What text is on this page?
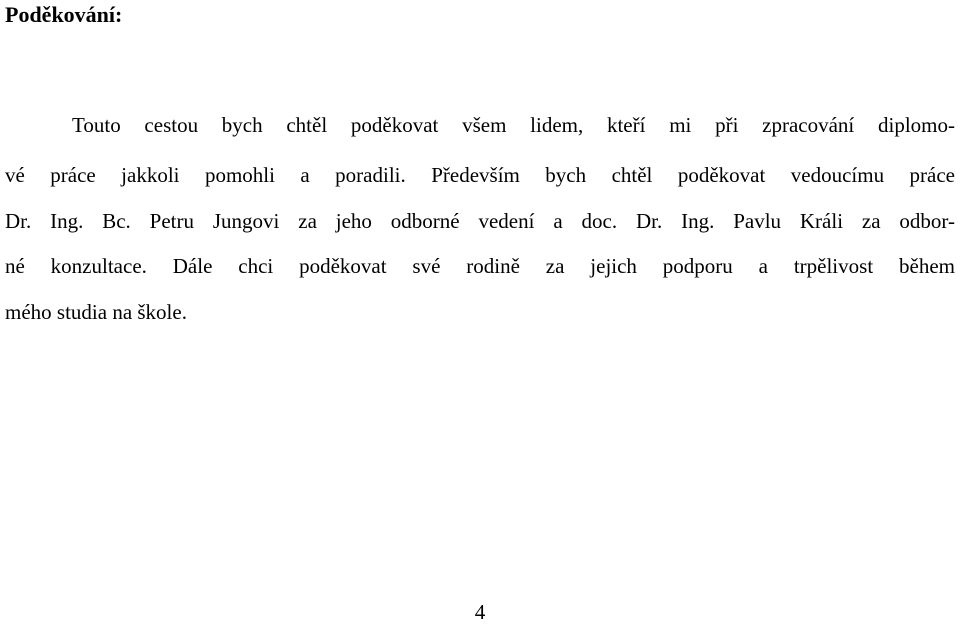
Poděkování:
Touto cestou bych chtěl poděkovat všem lidem, kteří mi při zpracování diplomo-
vé práce jakkoli pomohli a poradili. Především bych chtěl poděkovat vedoucímu práce
Dr. Ing. Bc. Petru Jungovi za jeho odborné vedení a doc. Dr. Ing. Pavlu Králi za odbor-
né konzultace. Dále chci poděkovat své rodině za jejich podporu a trpělivost během
mého studia na škole.
4
